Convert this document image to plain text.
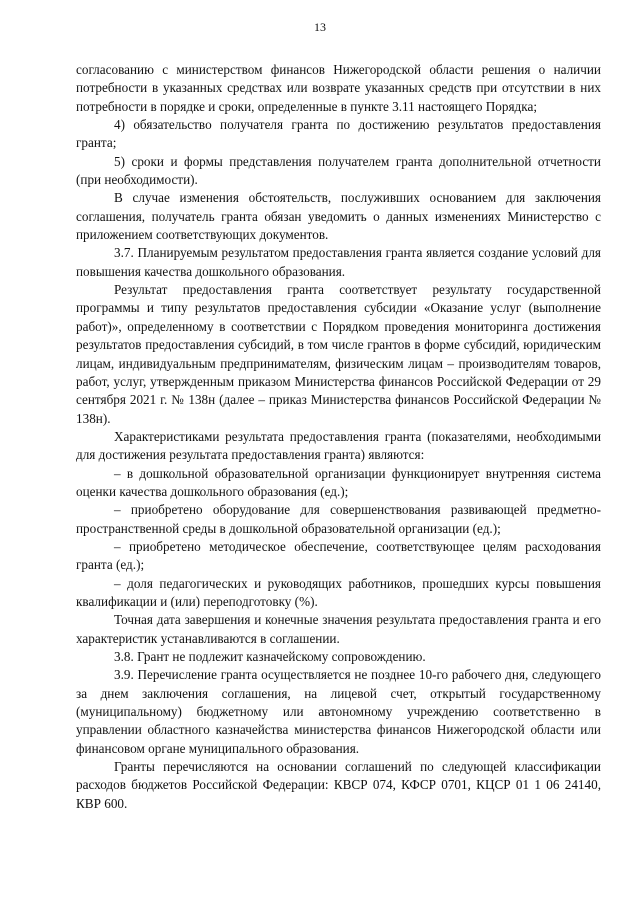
13

согласованию с министерством финансов Нижегородской области решения о наличии потребности в указанных средствах или возврате указанных средств при отсутствии в них потребности в порядке и сроки, определенные в пункте 3.11 настоящего Порядка;

4) обязательство получателя гранта по достижению результатов предоставления гранта;

5) сроки и формы представления получателем гранта дополнительной отчетности (при необходимости).

В случае изменения обстоятельств, послуживших основанием для заключения соглашения, получатель гранта обязан уведомить о данных изменениях Министерство с приложением соответствующих документов.

3.7. Планируемым результатом предоставления гранта является создание условий для повышения качества дошкольного образования.

Результат предоставления гранта соответствует результату государственной программы и типу результатов предоставления субсидии «Оказание услуг (выполнение работ)», определенному в соответствии с Порядком проведения мониторинга достижения результатов предоставления субсидий, в том числе грантов в форме субсидий, юридическим лицам, индивидуальным предпринимателям, физическим лицам – производителям товаров, работ, услуг, утвержденным приказом Министерства финансов Российской Федерации от 29 сентября 2021 г. № 138н (далее – приказ Министерства финансов Российской Федерации № 138н).

Характеристиками результата предоставления гранта (показателями, необходимыми для достижения результата предоставления гранта) являются:

– в дошкольной образовательной организации функционирует внутренняя система оценки качества дошкольного образования (ед.);

– приобретено оборудование для совершенствования развивающей предметно-пространственной среды в дошкольной образовательной организации (ед.);

– приобретено методическое обеспечение, соответствующее целям расходования гранта (ед.);

– доля педагогических и руководящих работников, прошедших курсы повышения квалификации и (или) переподготовку (%).

Точная дата завершения и конечные значения результата предоставления гранта и его характеристик устанавливаются в соглашении.

3.8. Грант не подлежит казначейскому сопровождению.

3.9. Перечисление гранта осуществляется не позднее 10-го рабочего дня, следующего за днем заключения соглашения, на лицевой счет, открытый государственному (муниципальному) бюджетному или автономному учреждению соответственно в управлении областного казначейства министерства финансов Нижегородской области или финансовом органе муниципального образования.

Гранты перечисляются на основании соглашений по следующей классификации расходов бюджетов Российской Федерации: КВСР 074, КФСР 0701, КЦСР 01 1 06 24140, КВР 600.
